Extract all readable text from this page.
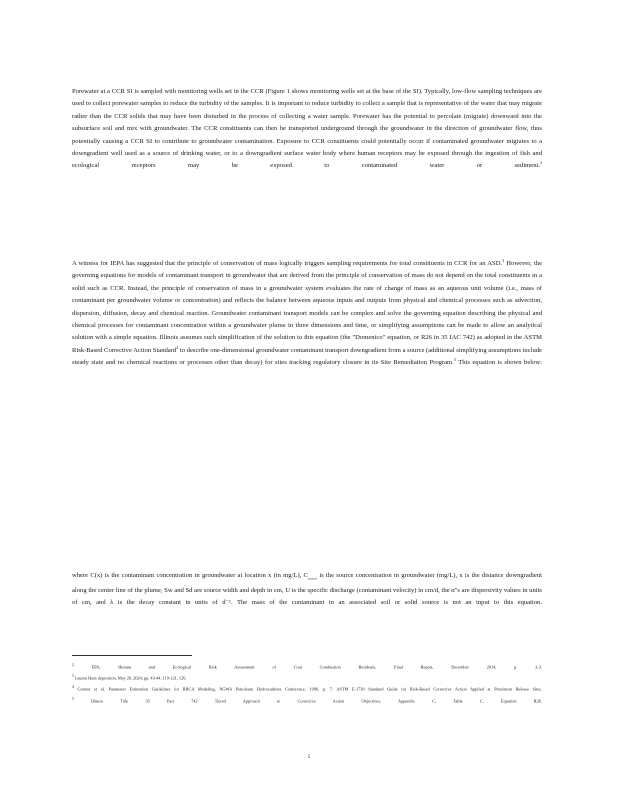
Porewater at a CCR SI is sampled with monitoring wells set in the CCR (Figure 1 shows monitoring wells set at the base of the SI). Typically, low-flow sampling techniques are used to collect porewater samples to reduce the turbidity of the samples. It is important to reduce turbidity to collect a sample that is representative of the water that may migrate rather than the CCR solids that may have been disturbed in the process of collecting a water sample. Porewater has the potential to percolate (migrate) downward into the subsurface soil and mix with groundwater. The CCR constituents can then be transported underground through the groundwater in the direction of groundwater flow, thus potentially causing a CCR SI to contribute to groundwater contamination. Exposure to CCR constituents could potentially occur if contaminated groundwater migrates to a downgradient well used as a source of drinking water, or to a downgradient surface water body where human receptors may be exposed through the ingestion of fish and ecological receptors may be exposed to contaminated water or sediment.$^2$

A witness for IEPA has suggested that the principle of conservation of mass logically triggers sampling requirements for total constituents in CCR for an ASD.$^3$ However, the governing equations for models of contaminant transport in groundwater that are derived from the principle of conservation of mass do not depend on the total constituents in a solid such as CCR. Instead, the principle of conservation of mass in a groundwater system evaluates the rate of change of mass as an aqueous unit volume (i.e., mass of contaminant per groundwater volume or concentration) and reflects the balance between aqueous inputs and outputs from physical and chemical processes such as advection, dispersion, diffusion, decay and chemical reaction. Groundwater contaminant transport models can be complex and solve the governing equation describing the physical and chemical processes for contaminant concentration within a groundwater plume in three dimensions and time, or simplifying assumptions can be made to allow an analytical solution with a simple equation. Illinois assumes such simplification of the solution to this equation (the "Domenico" equation, or R26 in 35 IAC 742) as adopted in the ASTM Risk-Based Corrective Action Standard$^4$ to describe one-dimensional groundwater contaminant transport downgradient from a source (additional simplifying assumptions include steady state and no chemical reactions or processes other than decay) for sites tracking regulatory closure in its Site Remediation Program.$^5$ This equation is shown below:

where C(x) is the contaminant concentration in groundwater at location x (in mg/L), $C_{source}$ is the source concentration in groundwater (mg/L), x is the distance downgradient along the center line of the plume, Sw and Sd are source width and depth in cm, U is the specific discharge (contaminant velocity) in cm/d, the α"s are dispersivity values in units of cm, and λ is the decay constant in units of d⁻¹. The mass of the contaminant in an associated soil or solid source is not an input to this equation.

$^2$	EPA, Human and Ecological Risk Assessment of Coal Combustion Residuals, Final Report, December 2014, p. 2-3.

$^3$ Lauren Hunt deposition, May 26, 2024, pp. 43-44, 119-121, 126.

$^4$ Connor et al. Parameter Estimation Guidelines for RBCA Modeling, NGWA Petroleum Hydrocarbons Conference, 1996, p. 7; ASTM E-1739 Standard Guide for Risk-Based Corrective Action Applied at Petroleum Release Sites.

$^5$	Illinois Title 35 Part 742 Tiered Approach to Corrective Action Objectives, Appendix C, Table C, Equation R26.

5
